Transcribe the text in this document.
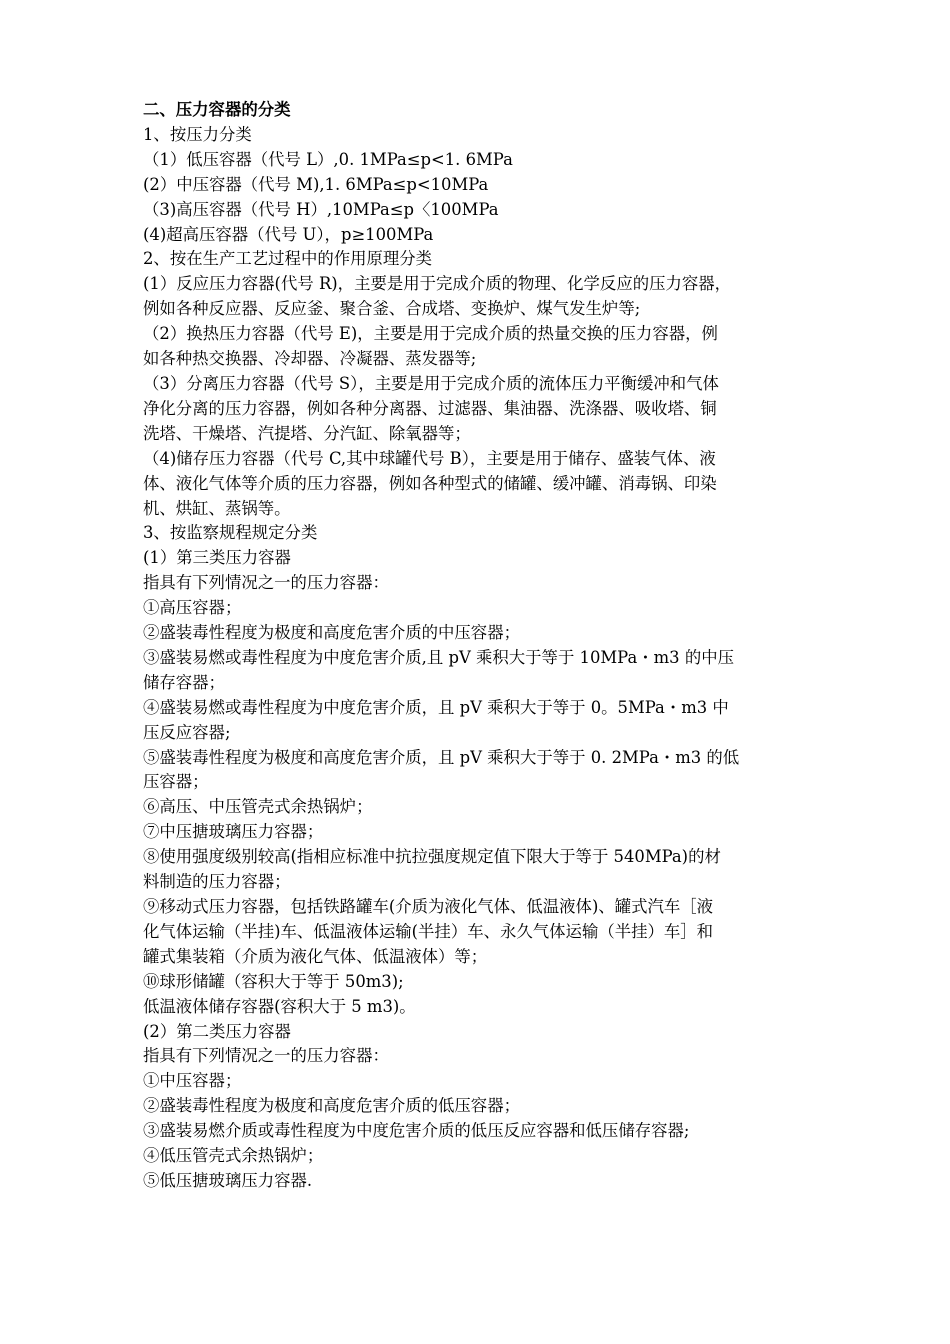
二、压力容器的分类
1、按压力分类
（1）低压容器（代号 L）,0. 1MPa≤p<1. 6MPa
(2）中压容器（代号 M),1. 6MPa≤p<10MPa
（3)高压容器（代号 H）,10MPa≤p〈100MPa
(4)超高压容器（代号 U），p≥100MPa
2、按在生产工艺过程中的作用原理分类
(1）反应压力容器(代号 R)，主要是用于完成介质的物理、化学反应的压力容器，
例如各种反应器、反应釜、聚合釜、合成塔、变换炉、煤气发生炉等;
（2）换热压力容器（代号 E)，主要是用于完成介质的热量交换的压力容器，例
如各种热交换器、冷却器、冷凝器、蒸发器等;
（3）分离压力容器（代号 S），主要是用于完成介质的流体压力平衡缓冲和气体
净化分离的压力容器，例如各种分离器、过滤器、集油器、洗涤器、吸收塔、铜
洗塔、干燥塔、汽提塔、分汽缸、除氧器等；
（4)储存压力容器（代号 C,其中球罐代号 B），主要是用于储存、盛装气体、液
体、液化气体等介质的压力容器，例如各种型式的储罐、缓冲罐、消毒锅、印染
机、烘缸、蒸锅等。
3、按监察规程规定分类
(1）第三类压力容器
指具有下列情况之一的压力容器：
①高压容器；
②盛装毒性程度为极度和高度危害介质的中压容器；
③盛装易燃或毒性程度为中度危害介质,且 pV 乘积大于等于 10MPa・m3 的中压
储存容器；
④盛装易燃或毒性程度为中度危害介质，且 pV 乘积大于等于 0。5MPa・m3 中
压反应容器;
⑤盛装毒性程度为极度和高度危害介质，且 pV 乘积大于等于 0. 2MPa・m3 的低
压容器；
⑥高压、中压管壳式余热锅炉；
⑦中压搪玻璃压力容器；
⑧使用强度级别较高(指相应标准中抗拉强度规定值下限大于等于 540MPa)的材
料制造的压力容器；
⑨移动式压力容器，包括铁路罐车(介质为液化气体、低温液体)、罐式汽车［液
化气体运输（半挂)车、低温液体运输(半挂）车、永久气体运输（半挂）车］和
罐式集装箱（介质为液化气体、低温液体）等；
⑩球形储罐（容积大于等于 50m3);
低温液体储存容器(容积大于 5 m3)。
(2）第二类压力容器
指具有下列情况之一的压力容器：
①中压容器；
②盛装毒性程度为极度和高度危害介质的低压容器；
③盛装易燃介质或毒性程度为中度危害介质的低压反应容器和低压储存容器;
④低压管壳式余热锅炉；
⑤低压搪玻璃压力容器.
